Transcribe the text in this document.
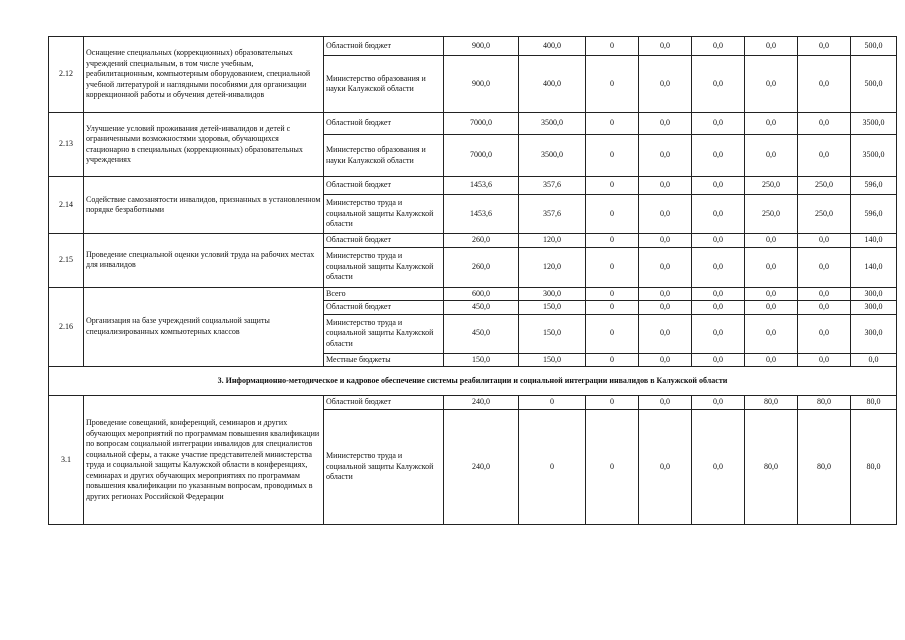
2.12	Оснащение специальных (коррекционных) образовательных учреждений специальным, в том числе учебным, реабилитационным, компьютерным оборудованием, специальной учебной литературой и наглядными пособиями для организации коррекционной работы и обучения детей-инвалидов	Областной бюджет	900,0	400,0	0	0,0	0,0	0,0	0,0	500,0
		Министерство образования и науки Калужской области	900,0	400,0	0	0,0	0,0	0,0	0,0	500,0
2.13	Улучшение условий проживания детей-инвалидов и детей с ограниченными возможностями здоровья, обучающихся стационарно в специальных (коррекционных) образовательных учреждениях	Областной бюджет	7000,0	3500,0	0	0,0	0,0	0,0	0,0	3500,0
		Министерство образования и науки Калужской области	7000,0	3500,0	0	0,0	0,0	0,0	0,0	3500,0
2.14	Содействие самозанятости инвалидов, признанных в установленном порядке безработными	Областной бюджет	1453,6	357,6	0	0,0	0,0	250,0	250,0	596,0
		Министерство труда и социальной защиты Калужской области	1453,6	357,6	0	0,0	0,0	250,0	250,0	596,0
2.15	Проведение специальной оценки условий труда на рабочих местах для инвалидов	Областной бюджет	260,0	120,0	0	0,0	0,0	0,0	0,0	140,0
		Министерство труда и социальной защиты Калужской области	260,0	120,0	0	0,0	0,0	0,0	0,0	140,0
2.16	Организация на базе учреждений социальной защиты специализированных компьютерных классов	Всего	600,0	300,0	0	0,0	0,0	0,0	0,0	300,0
		Областной бюджет	450,0	150,0	0	0,0	0,0	0,0	0,0	300,0
		Министерство труда и социальной защиты Калужской области	450,0	150,0	0	0,0	0,0	0,0	0,0	300,0
		Местные бюджеты	150,0	150,0	0	0,0	0,0	0,0	0,0	0,0
3. Информационно-методическое и кадровое обеспечение системы реабилитации и социальной интеграции инвалидов в Калужской области										
3.1	Проведение совещаний, конференций, семинаров и других обучающих мероприятий по программам повышения квалификации по вопросам социальной интеграции инвалидов для специалистов социальной сферы, а также участие представителей министерства труда и социальной защиты Калужской области в конференциях, семинарах и других обучающих мероприятиях по программам повышения квалификации по указанным вопросам, проводимых в других регионах Российской Федерации	Областной бюджет	240,0	0	0	0,0	0,0	80,0	80,0	80,0
		Министерство труда и социальной защиты Калужской области	240,0	0	0	0,0	0,0	80,0	80,0	80,0
